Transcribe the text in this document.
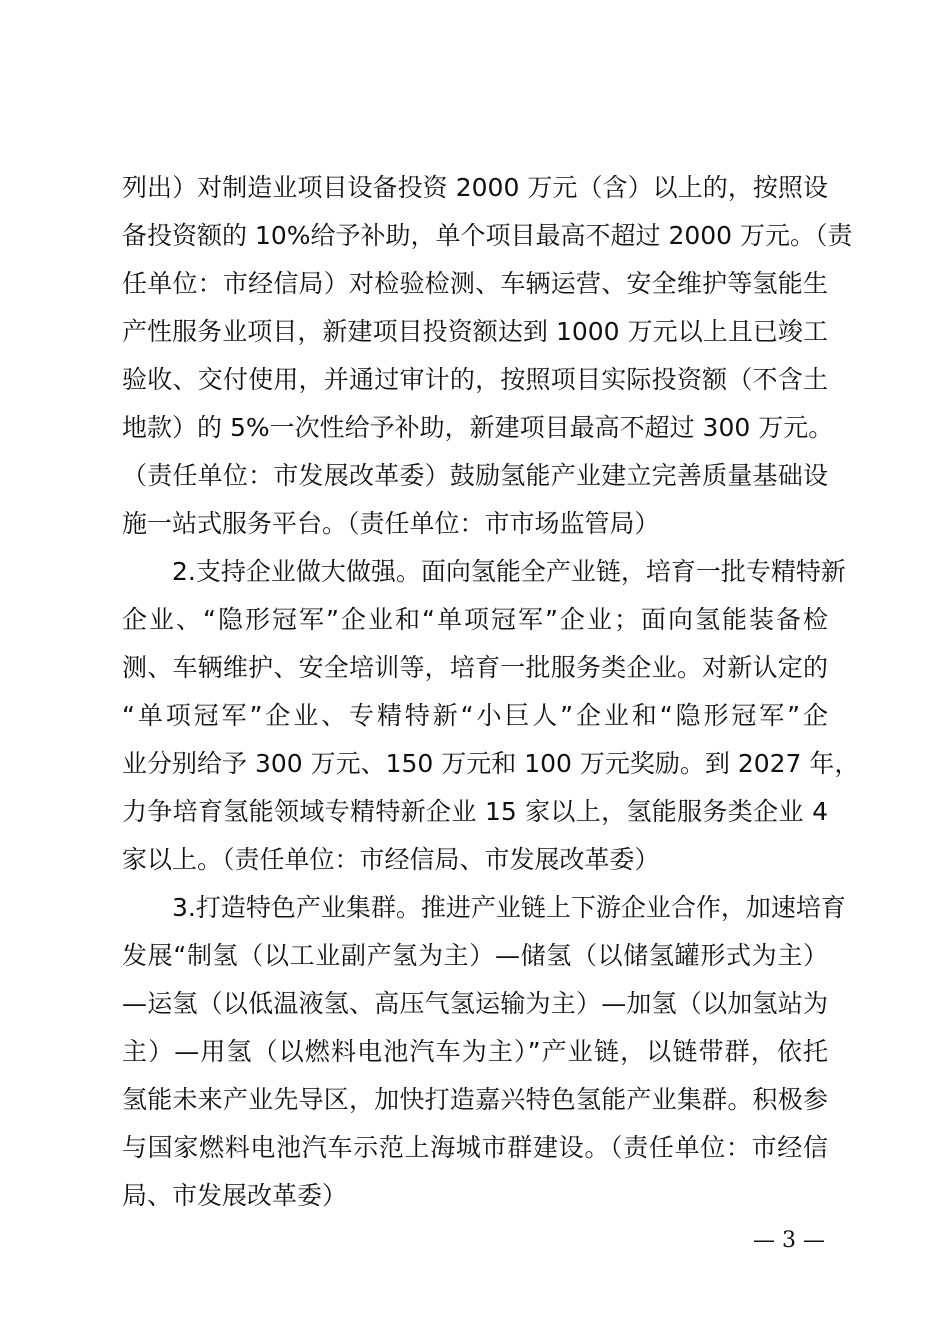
列出）对制造业项目设备投资 2000 万元（含）以上的，按照设
备投资额的 10%给予补助，单个项目最高不超过 2000 万元。（责
任单位：市经信局）对检验检测、车辆运营、安全维护等氢能生
产性服务业项目，新建项目投资额达到 1000 万元以上且已竣工
验收、交付使用，并通过审计的，按照项目实际投资额（不含土
地款）的 5%一次性给予补助，新建项目最高不超过 300 万元。
（责任单位：市发展改革委）鼓励氢能产业建立完善质量基础设
施一站式服务平台。（责任单位：市市场监管局）
2.支持企业做大做强。面向氢能全产业链，培育一批专精特新
企业、“隐形冠军”企业和“单项冠军”企业；面向氢能装备检
测、车辆维护、安全培训等，培育一批服务类企业。对新认定的
“单项冠军”企业、专精特新“小巨人”企业和“隐形冠军”企
业分别给予 300 万元、150 万元和 100 万元奖励。到 2027 年，
力争培育氢能领域专精特新企业 15 家以上，氢能服务类企业 4
家以上。（责任单位：市经信局、市发展改革委）
3.打造特色产业集群。推进产业链上下游企业合作，加速培育
发展“制氢（以工业副产氢为主）—储氢（以储氢罐形式为主）
—运氢（以低温液氢、高压气氢运输为主）—加氢（以加氢站为
主）—用氢（以燃料电池汽车为主）”产业链，以链带群，依托
氢能未来产业先导区，加快打造嘉兴特色氢能产业集群。积极参
与国家燃料电池汽车示范上海城市群建设。（责任单位：市经信
局、市发展改革委）
— 3 —
